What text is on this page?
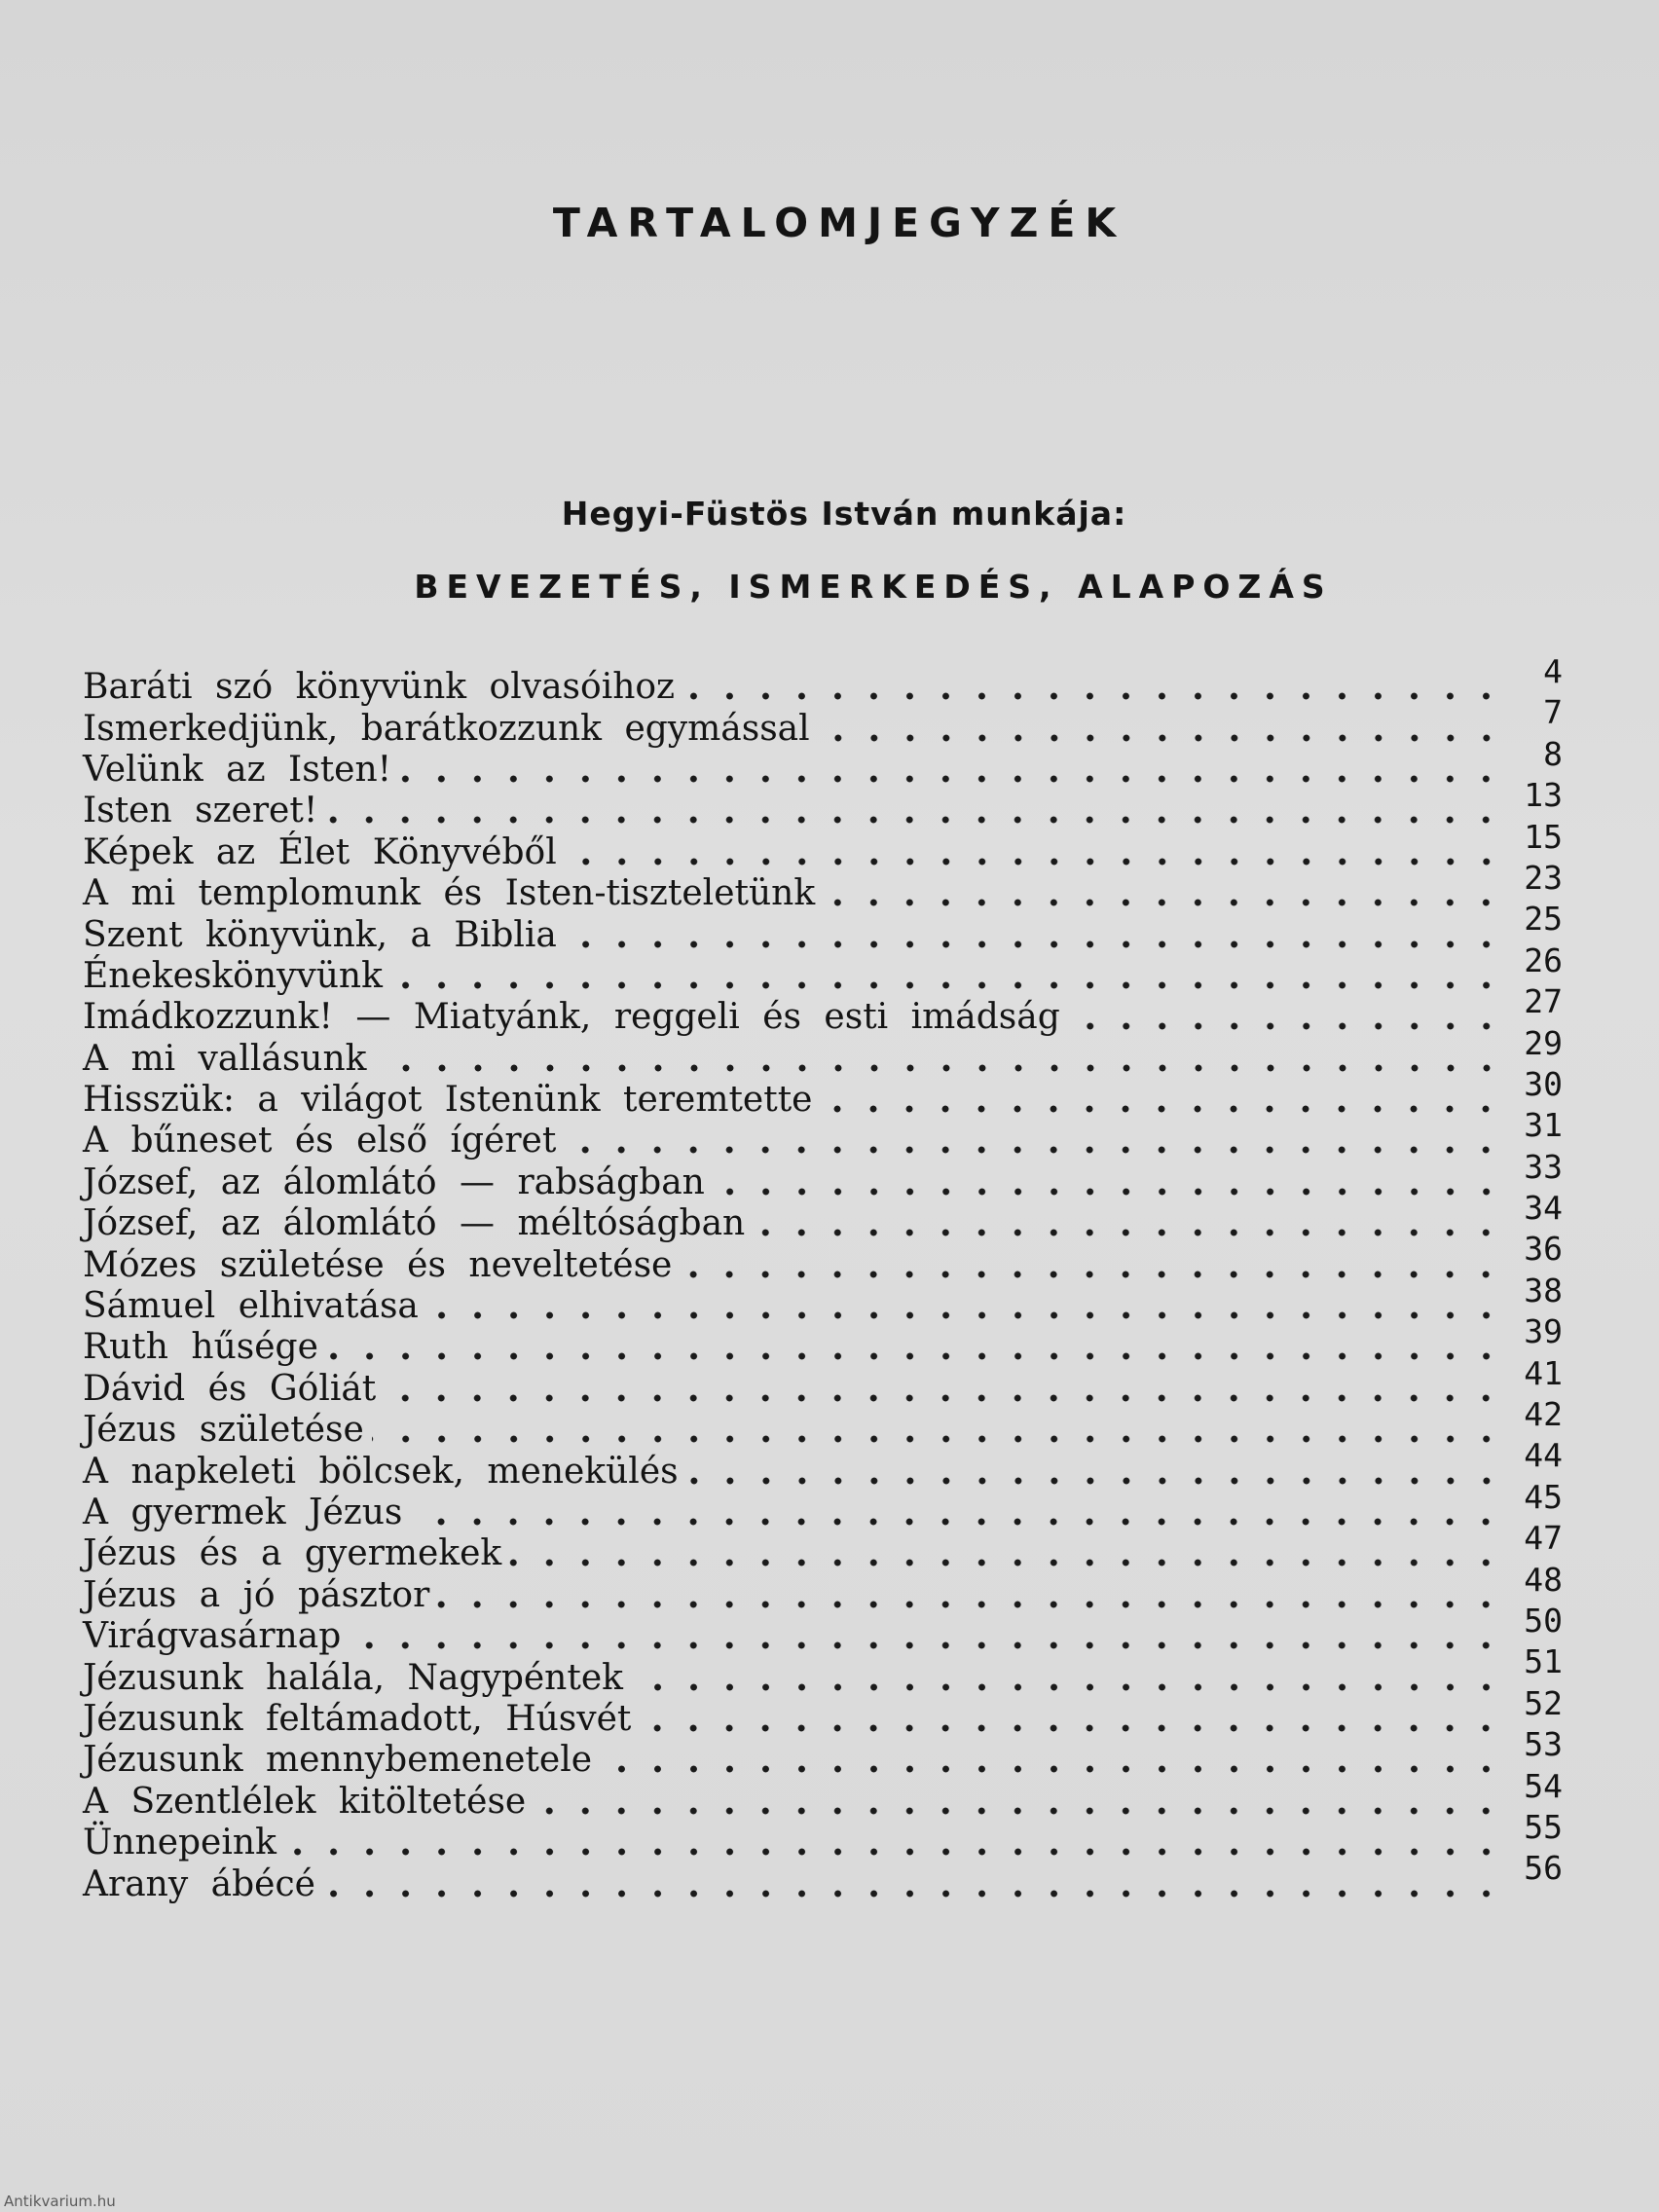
TARTALOMJEGYZÉK
Hegyi-Füstös István munkája:
BEVEZETÉS, ISMERKEDÉS, ALAPOZÁS
Baráti szó könyvünk olvasóihoz	4
Ismerkedjünk, barátkozzunk egymással	7
Velünk az Isten!	8
Isten szeret!	13
Képek az Élet Könyvéből	15
A mi templomunk és Isten-tiszteletünk	23
Szent könyvünk, a Biblia	25
Énekeskönyvünk	26
Imádkozzunk! — Miatyánk, reggeli és esti imádság	27
A mi vallásunk	29
Hisszük: a világot Istenünk teremtette	30
A bűneset és első ígéret	31
József, az álomlátó — rabságban	33
József, az álomlátó — méltóságban	34
Mózes születése és neveltetése	36
Sámuel elhivatása	38
Ruth hűsége	39
Dávid és Góliát	41
Jézus születése	42
A napkeleti bölcsek, menekülés	44
A gyermek Jézus	45
Jézus és a gyermekek	47
Jézus a jó pásztor	48
Virágvasárnap	50
Jézusunk halála, Nagypéntek	51
Jézusunk feltámadott, Húsvét	52
Jézusunk mennybemenetele	53
A Szentlélek kitöltetése	54
Ünnepeink	55
Arany ábécé	56
Antikvarium.hu
